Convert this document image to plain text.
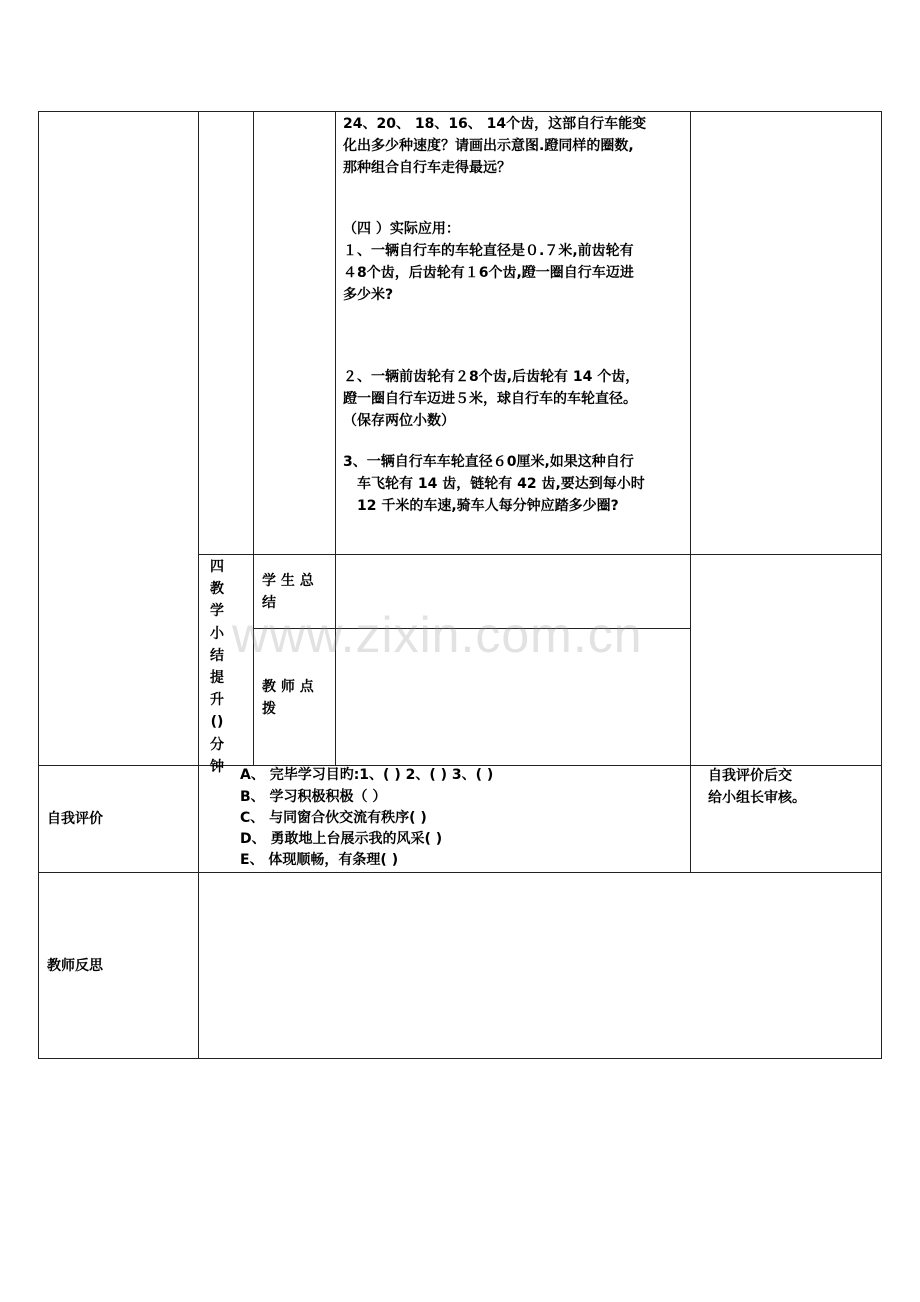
www.zixin.com.cn
24、20、 18、16、 14个齿，这部自行车能变
化出多少种速度？请画出示意图.蹬同样的圈数,
那种组合自行车走得最远？
（四 ）实际应用：
１、一辆自行车的车轮直径是０.７米,前齿轮有
４8个齿，后齿轮有１6个齿,蹬一圈自行车迈进
多少米?
２、一辆前齿轮有２8个齿,后齿轮有 14 个齿，
蹬一圈自行车迈进５米，球自行车的车轮直径。
（保存两位小数）
3、一辆自行车车轮直径６0厘米,如果这种自行
车飞轮有 14 齿，链轮有 42 齿,要达到每小时
12 千米的车速,骑车人每分钟应踏多少圈?
四
教
学
小
结
提
升
()
分
钟
学 生 总
结
教 师 点
拨
自我评价
A、 完毕学习目旳:1、( ) 2、( ) 3、( )
B、 学习积极积极（ ）
C、 与同窗合伙交流有秩序( )
D、 勇敢地上台展示我的风采( )
E、 体现顺畅，有条理( )
自我评价后交
给小组长审核。
教师反思
